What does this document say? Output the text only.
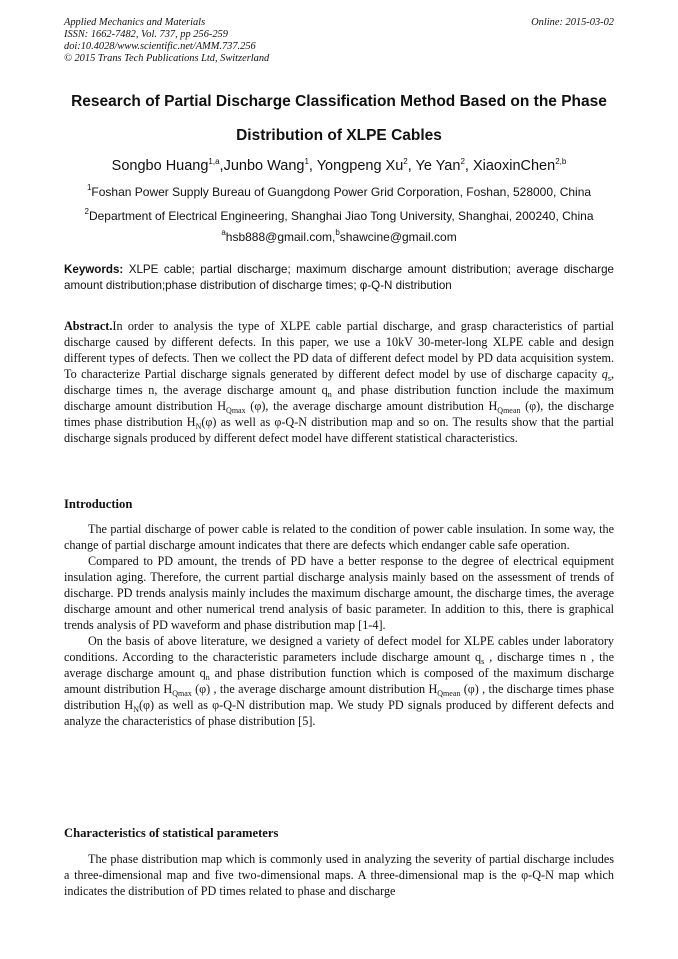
Applied Mechanics and Materials
ISSN: 1662-7482, Vol. 737, pp 256-259
doi:10.4028/www.scientific.net/AMM.737.256
© 2015 Trans Tech Publications Ltd, Switzerland
Online: 2015-03-02
Research of Partial Discharge Classification Method Based on the Phase
Distribution of XLPE Cables
Songbo Huang$^{1,a}$,Junbo Wang$^1$, Yongpeng Xu$^2$, Ye Yan$^2$, XiaoxinChen$^{2,b}$
$^1$Foshan Power Supply Bureau of Guangdong Power Grid Corporation, Foshan, 528000, China
$^2$Department of Electrical Engineering, Shanghai Jiao Tong University, Shanghai, 200240, China
$^a$hsb888@gmail.com,$^b$shawcine@gmail.com
Keywords: XLPE cable; partial discharge; maximum discharge amount distribution; average discharge amount distribution;phase distribution of discharge times; φ-Q-N distribution
Abstract.In order to analysis the type of XLPE cable partial discharge, and grasp characteristics of partial discharge caused by different defects. In this paper, we use a 10kV 30-meter-long XLPE cable and design different types of defects. Then we collect the PD data of different defect model by PD data acquisition system. To characterize Partial discharge signals generated by different defect model by use of discharge capacity $q_s$, discharge times n, the average discharge amount $q_n$ and phase distribution function include the maximum discharge amount distribution $H_{Qmax}$ (φ), the average discharge amount distribution $H_{Qmean}$ (φ), the discharge times phase distribution $H_N(\varphi)$ as well as φ-Q-N distribution map and so on. The results show that the partial discharge signals produced by different defect model have different statistical characteristics.
Introduction

The partial discharge of power cable is related to the condition of power cable insulation. In some way, the change of partial discharge amount indicates that there are defects which endanger cable safe operation.

Compared to PD amount, the trends of PD have a better response to the degree of electrical equipment insulation aging. Therefore, the current partial discharge analysis mainly based on the assessment of trends of discharge. PD trends analysis mainly includes the maximum discharge amount, the discharge times, the average discharge amount and other numerical trend analysis of basic parameter. In addition to this, there is graphical trends analysis of PD waveform and phase distribution map [1-4].

On the basis of above literature, we designed a variety of defect model for XLPE cables under laboratory conditions. According to the characteristic parameters include discharge amount $q_s$ , discharge times n , the average discharge amount $q_n$ and phase distribution function which is composed of the maximum discharge amount distribution $H_{Qmax}$ (φ) , the average discharge amount distribution $H_{Qmean}$ (φ) , the discharge times phase distribution $H_N(\varphi)$ as well as φ-Q-N distribution map. We study PD signals produced by different defects and analyze the characteristics of phase distribution [5].

Characteristics of statistical parameters

The phase distribution map which is commonly used in analyzing the severity of partial discharge includes a three-dimensional map and five two-dimensional maps. A three-dimensional map is the φ-Q-N map which indicates the distribution of PD times related to phase and discharge
